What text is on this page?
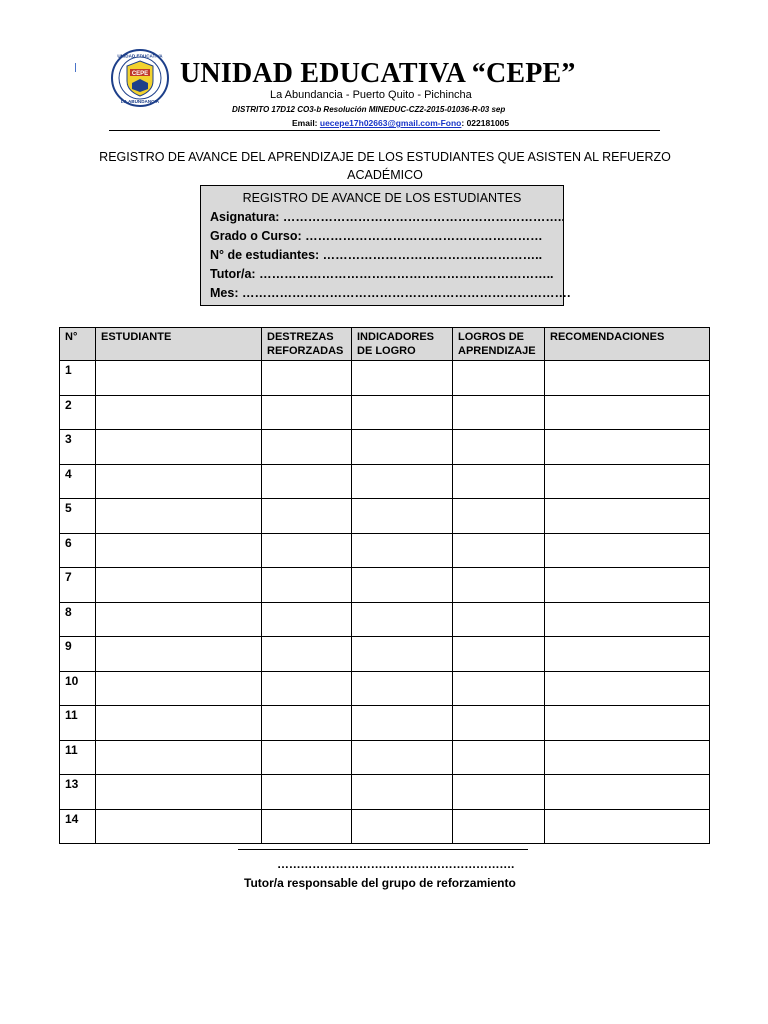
CEPE
UNIDAD EDUCATIVA
LA ABUNDANCIA
UNIDAD EDUCATIVA “CEPE”
La Abundancia - Puerto Quito - Pichincha
DISTRITO 17D12 CO3-b Resolución MINEDUC-CZ2-2015-01036-R-03 sep
Email: uecepe17h02663@gmail.com-Fono: 022181005
REGISTRO DE AVANCE DEL APRENDIZAJE DE LOS ESTUDIANTES QUE ASISTEN AL REFUERZO
ACADÉMICO
REGISTRO DE AVANCE DE LOS ESTUDIANTES
Asignatura: …………………………………………………………..
Grado o Curso: …………………………………………………
N° de estudiantes: ……………………………………………..
Tutor/a: ……………………………………………………………..
Mes: …………………………………………………………………….
N°	ESTUDIANTE	DESTREZAS REFORZADAS	INDICADORES DE LOGRO	LOGROS DE APRENDIZAJE	RECOMENDACIONES
1					
2					
3					
4					
5					
6					
7					
8					
9					
10					
11					
11					
13					
14					
…………………………………………………….
Tutor/a responsable del grupo de reforzamiento
